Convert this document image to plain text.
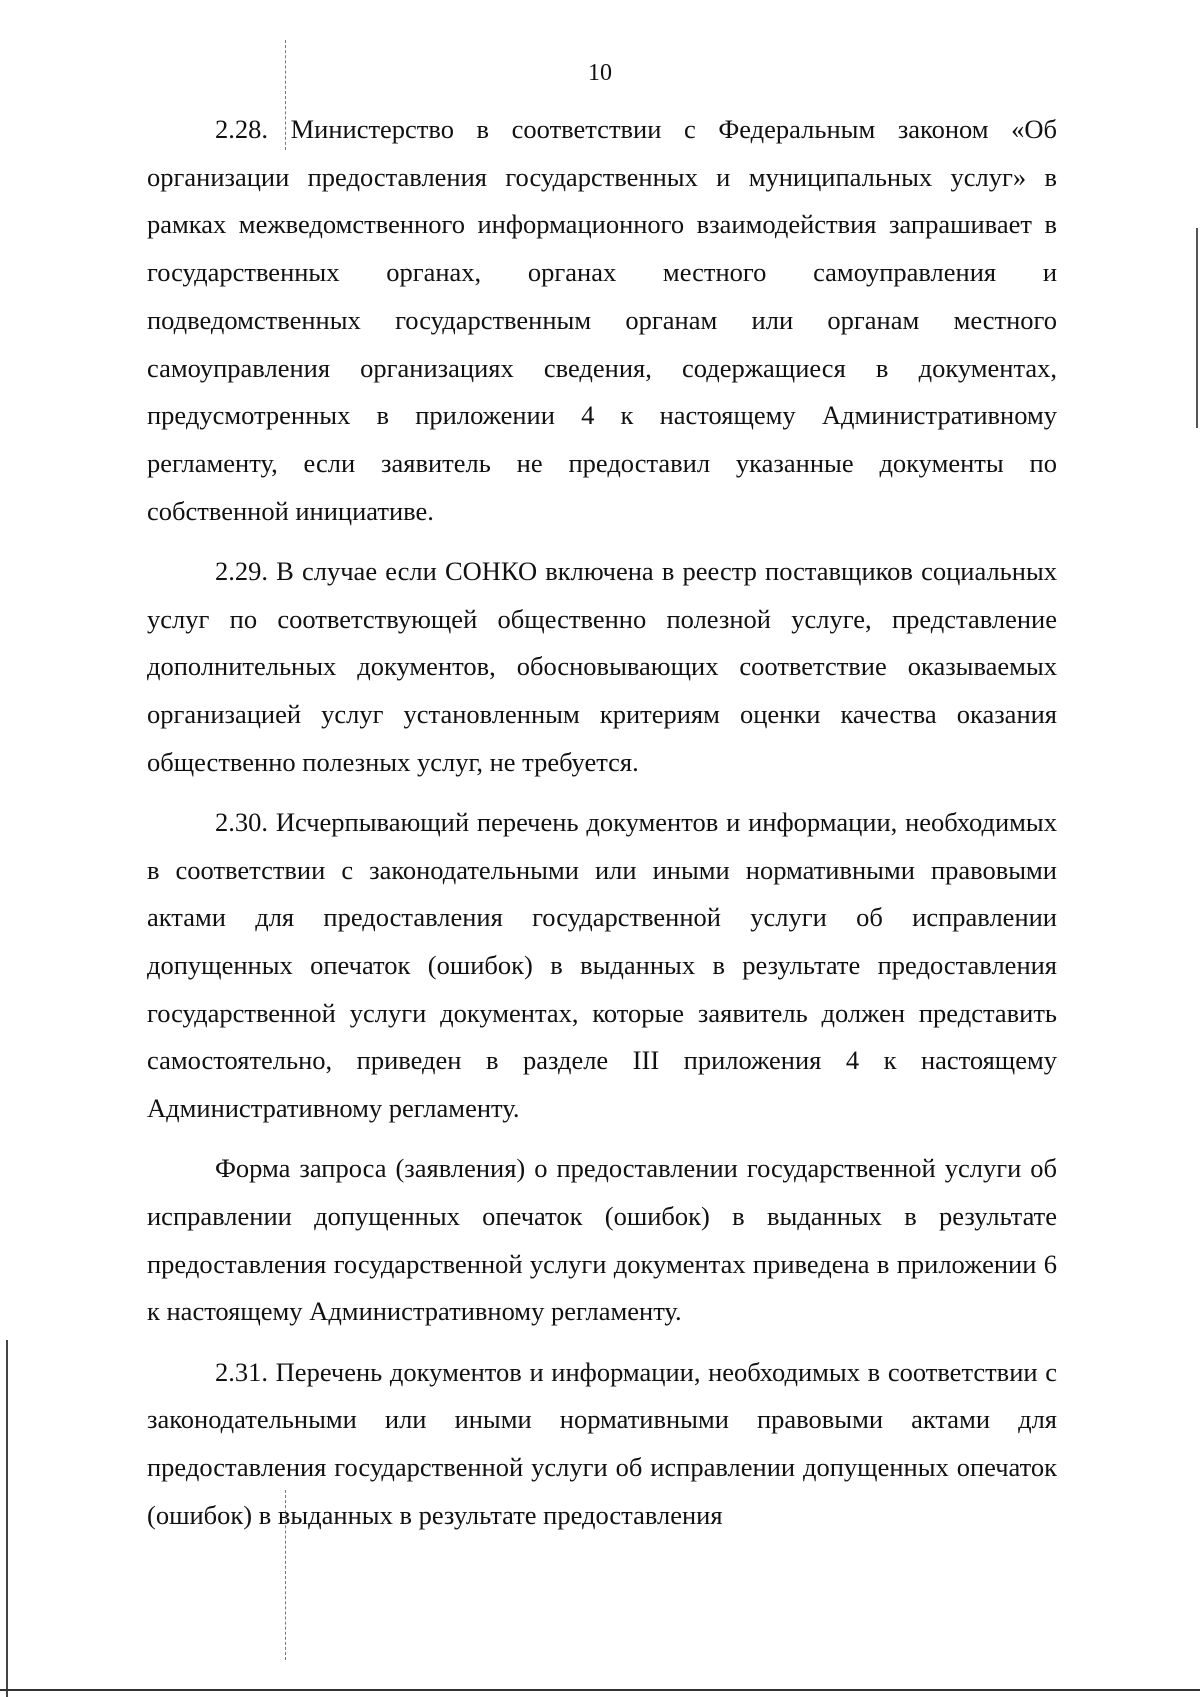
10

2.28. Министерство в соответствии с Федеральным законом «Об организации предоставления государственных и муниципальных услуг» в рамках межведомственного информационного взаимодействия запрашивает в государственных органах, органах местного самоуправления и подведомственных государственным органам или органам местного самоуправления организациях сведения, содержащиеся в документах, предусмотренных в приложении 4 к настоящему Административному регламенту, если заявитель не предоставил указанные документы по собственной инициативе.

2.29. В случае если СОНКО включена в реестр поставщиков социальных услуг по соответствующей общественно полезной услуге, представление дополнительных документов, обосновывающих соответствие оказываемых организацией услуг установленным критериям оценки качества оказания общественно полезных услуг, не требуется.

2.30. Исчерпывающий перечень документов и информации, необходимых в соответствии с законодательными или иными нормативными правовыми актами для предоставления государственной услуги об исправлении допущенных опечаток (ошибок) в выданных в результате предоставления государственной услуги документах, которые заявитель должен представить самостоятельно, приведен в разделе III приложения 4 к настоящему Административному регламенту.

Форма запроса (заявления) о предоставлении государственной услуги об исправлении допущенных опечаток (ошибок) в выданных в результате предоставления государственной услуги документах приведена в приложении 6 к настоящему Административному регламенту.

2.31. Перечень документов и информации, необходимых в соответствии с законодательными или иными нормативными правовыми актами для предоставления государственной услуги об исправлении допущенных опечаток (ошибок) в выданных в результате предоставления
